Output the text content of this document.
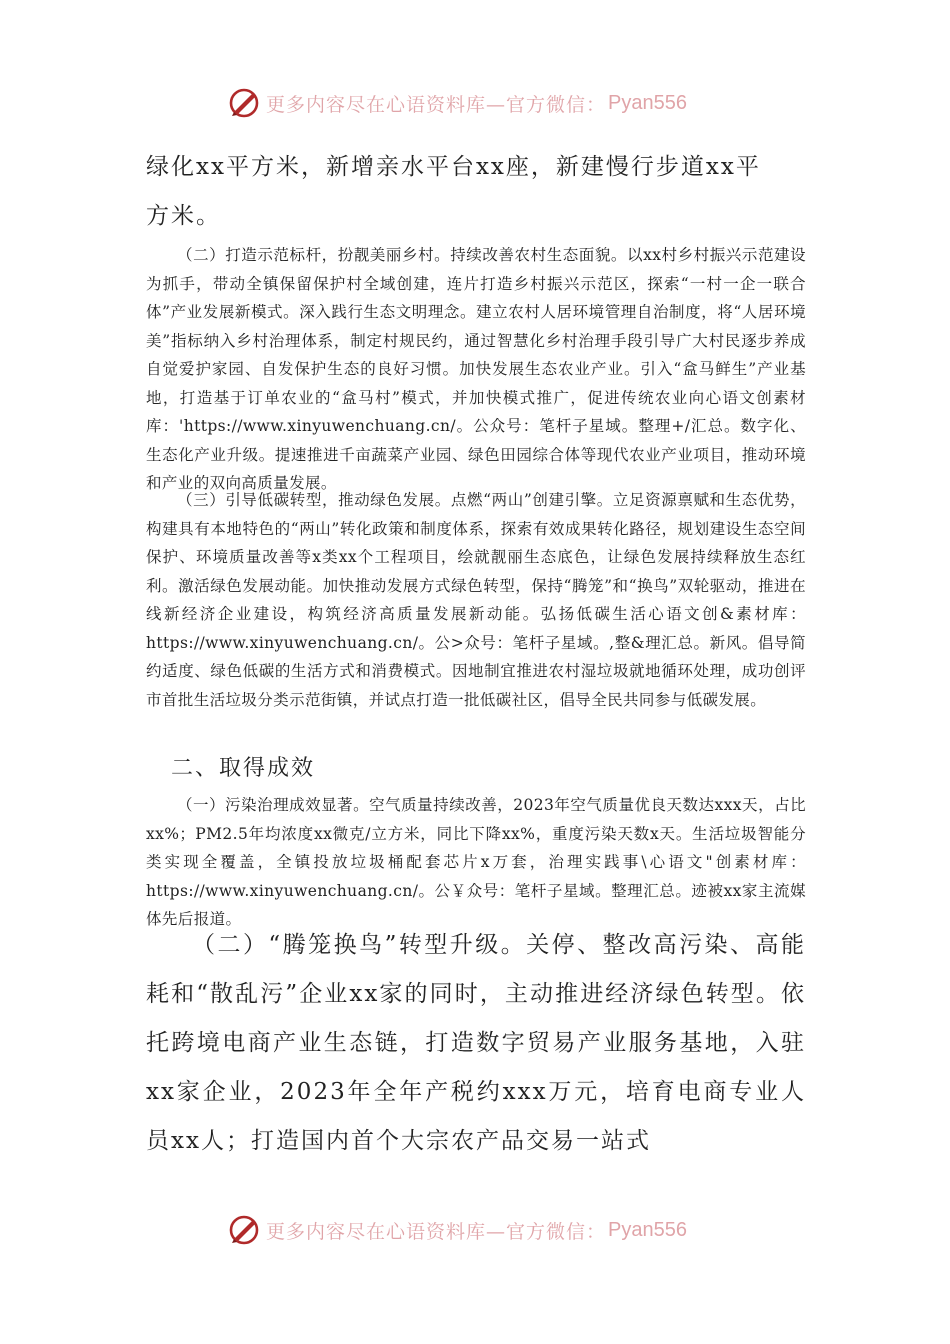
更多内容尽在心语资料库—官方微信： Pyan556

绿化xx平方米，新增亲水平台xx座，新建慢行步道xx平

方米。

（二）打造示范标杆，扮靓美丽乡村。持续改善农村生态面貌。以xx村乡村振兴示范建设为抓手，带动全镇保留保护村全域创建，连片打造乡村振兴示范区，探索“一村一企一联合体”产业发展新模式。深入践行生态文明理念。建立农村人居环境管理自治制度，将“人居环境美”指标纳入乡村治理体系，制定村规民约，通过智慧化乡村治理手段引导广大村民逐步养成自觉爱护家园、自发保护生态的良好习惯。加快发展生态农业产业。引入“盒马鲜生”产业基地，打造基于订单农业的“盒马村”模式，并加快模式推广，促进传统农业向心语文创素材库：'https://www.xinyuwenchuang.cn/。公众号：笔杆子星域。整理+/汇总。数字化、生态化产业升级。提速推进千亩蔬菜产业园、绿色田园综合体等现代农业产业项目，推动环境和产业的双向高质量发展。

（三）引导低碳转型，推动绿色发展。点燃“两山”创建引擎。立足资源禀赋和生态优势，构建具有本地特色的“两山”转化政策和制度体系，探索有效成果转化路径，规划建设生态空间保护、环境质量改善等x类xx个工程项目，绘就靓丽生态底色，让绿色发展持续释放生态红利。激活绿色发展动能。加快推动发展方式绿色转型，保持“腾笼”和“换鸟”双轮驱动，推进在线新经济企业建设，构筑经济高质量发展新动能。弘扬低碳生活心语文创&素材库：https://www.xinyuwenchuang.cn/。公>众号：笔杆子星域。,整&理汇总。新风。倡导简约适度、绿色低碳的生活方式和消费模式。因地制宜推进农村湿垃圾就地循环处理，成功创评市首批生活垃圾分类示范街镇，并试点打造一批低碳社区，倡导全民共同参与低碳发展。

二、取得成效

（一）污染治理成效显著。空气质量持续改善，2023年空气质量优良天数达xxx天，占比xx%；PM2.5年均浓度xx微克/立方米，同比下降xx%，重度污染天数x天。生活垃圾智能分类实现全覆盖，全镇投放垃圾桶配套芯片x万套，治理实践事\心语文"创素材库：https://www.xinyuwenchuang.cn/。公￥众号：笔杆子星域。整理汇总。迹被xx家主流媒体先后报道。

（二）“腾笼换鸟”转型升级。关停、整改高污染、高能耗和“散乱污”企业xx家的同时，主动推进经济绿色转型。依托跨境电商产业生态链，打造数字贸易产业服务基地，入驻xx家企业，2023年全年产税约xxx万元，培育电商专业人员xx人；打造国内首个大宗农产品交易一站式

更多内容尽在心语资料库—官方微信： Pyan556
